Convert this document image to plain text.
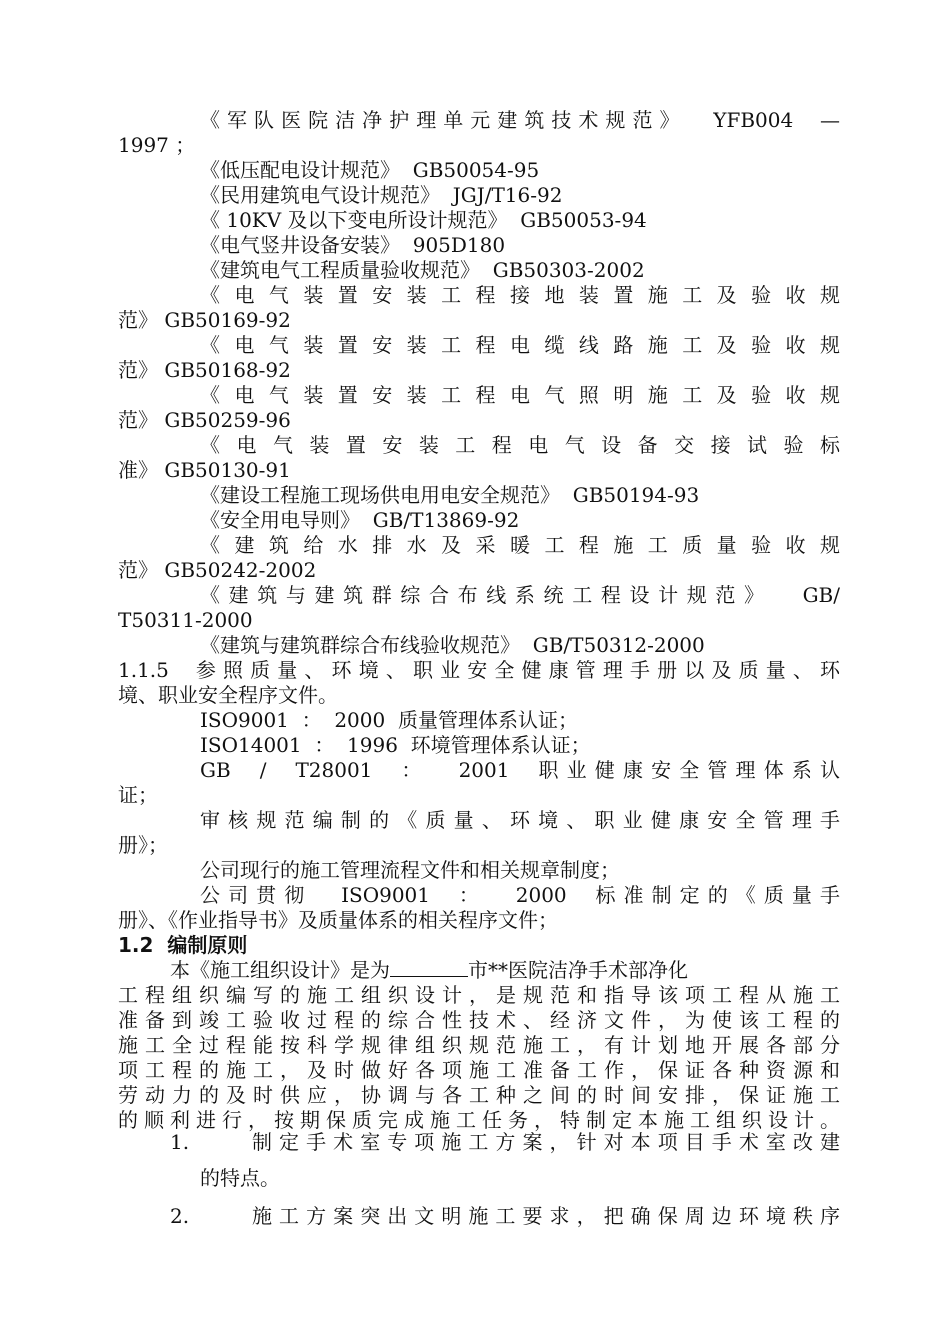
《军队医院洁净护理单元建筑技术规范》  YFB004  —
1997 ；
《低压配电设计规范》  GB50054-95
《民用建筑电气设计规范》  JGJ/T16-92
《 10KV 及以下变电所设计规范》  GB50053-94
《电气竖井设备安装》  905D180
《建筑电气工程质量验收规范》  GB50303-2002
《电气装置安装工程接地装置施工及验收规
范》 GB50169-92
《电气装置安装工程电缆线路施工及验收规
范》 GB50168-92
《电气装置安装工程电气照明施工及验收规
范》 GB50259-96
《电气装置安装工程电气设备交接试验标
准》 GB50130-91
《建设工程施工现场供电用电安全规范》  GB50194-93
《安全用电导则》  GB/T13869-92
《建筑给水排水及采暖工程施工质量验收规
范》 GB50242-2002
《建筑与建筑群综合布线系统工程设计规范》  GB/
T50311-2000
《建筑与建筑群综合布线验收规范》  GB/T50312-2000
1.1.5  参照质量、环境、职业安全健康管理手册以及质量、环
境、职业安全程序文件。
ISO9001  ：  2000  质量管理体系认证；
ISO14001  ：  1996  环境管理体系认证；
GB  /  T28001  ：  2001  职业健康安全管理体系认
证；
审核规范编制的《质量、环境、职业健康安全管理手
册》；
公司现行的施工管理流程文件和相关规章制度；
公司贯彻  ISO9001  ：  2000  标准制定的《质量手
册》、《作业指导书》及质量体系的相关程序文件；
1.2  编制原则
本《施工组织设计》是为	市**医院洁净手术部净化
工程组织编写的施工组织设计，是规范和指导该项工程从施工
准备到竣工验收过程的综合性技术、经济文件，为使该工程的
施工全过程能按科学规律组织规范施工，有计划地开展各部分
项工程的施工，及时做好各项施工准备工作，保证各种资源和
劳动力的及时供应，协调与各工种之间的时间安排，保证施工
的顺利进行，按期保质完成施工任务，特制定本施工组织设计。
1.	制定手术室专项施工方案，针对本项目手术室改建
的特点。
2.	施工方案突出文明施工要求，把确保周边环境秩序
